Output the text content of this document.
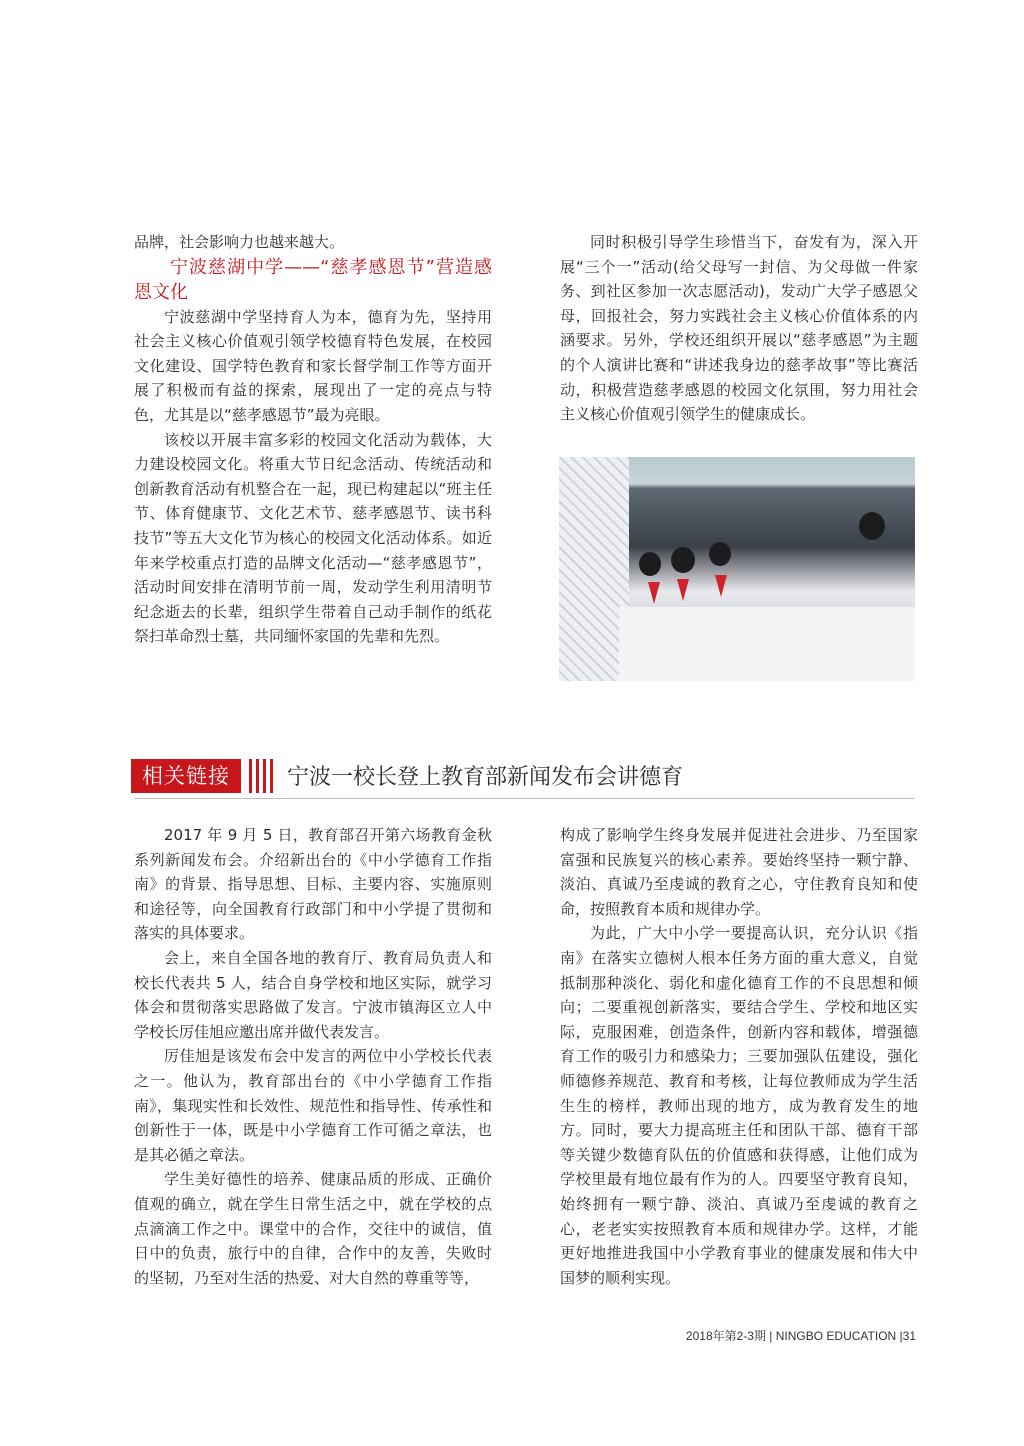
品牌，社会影响力也越来越大。

宁波慈湖中学——“慈孝感恩节”营造感恩文化

宁波慈湖中学坚持育人为本，德育为先，坚持用社会主义核心价值观引领学校德育特色发展，在校园文化建设、国学特色教育和家长督学制工作等方面开展了积极而有益的探索，展现出了一定的亮点与特色，尤其是以“慈孝感恩节”最为亮眼。

该校以开展丰富多彩的校园文化活动为载体，大力建设校园文化。将重大节日纪念活动、传统活动和创新教育活动有机整合在一起，现已构建起以“班主任节、体育健康节、文化艺术节、慈孝感恩节、读书科技节”等五大文化节为核心的校园文化活动体系。如近年来学校重点打造的品牌文化活动—“慈孝感恩节”，活动时间安排在清明节前一周，发动学生利用清明节纪念逝去的长辈，组织学生带着自己动手制作的纸花祭扫革命烈士墓，共同缅怀家国的先辈和先烈。

同时积极引导学生珍惜当下，奋发有为，深入开展“三个一”活动(给父母写一封信、为父母做一件家务、到社区参加一次志愿活动)，发动广大学子感恩父母，回报社会，努力实践社会主义核心价值体系的内涵要求。另外，学校还组织开展以“慈孝感恩”为主题的个人演讲比赛和“讲述我身边的慈孝故事”等比赛活动，积极营造慈孝感恩的校园文化氛围，努力用社会主义核心价值观引领学生的健康成长。

相关链接	宁波一校长登上教育部新闻发布会讲德育

2017 年 9 月 5 日，教育部召开第六场教育金秋系列新闻发布会。介绍新出台的《中小学德育工作指南》的背景、指导思想、目标、主要内容、实施原则和途径等，向全国教育行政部门和中小学提了贯彻和落实的具体要求。

会上，来自全国各地的教育厅、教育局负责人和校长代表共 5 人，结合自身学校和地区实际，就学习体会和贯彻落实思路做了发言。宁波市镇海区立人中学校长厉佳旭应邀出席并做代表发言。

厉佳旭是该发布会中发言的两位中小学校长代表之一。他认为，教育部出台的《中小学德育工作指南》，集现实性和长效性、规范性和指导性、传承性和创新性于一体，既是中小学德育工作可循之章法，也是其必循之章法。

学生美好德性的培养、健康品质的形成、正确价值观的确立，就在学生日常生活之中，就在学校的点点滴滴工作之中。课堂中的合作，交往中的诚信，值日中的负责，旅行中的自律，合作中的友善，失败时的坚韧，乃至对生活的热爱、对大自然的尊重等等，

构成了影响学生终身发展并促进社会进步、乃至国家富强和民族复兴的核心素养。要始终坚持一颗宁静、淡泊、真诚乃至虔诚的教育之心，守住教育良知和使命，按照教育本质和规律办学。

为此，广大中小学一要提高认识，充分认识《指南》在落实立德树人根本任务方面的重大意义，自觉抵制那种淡化、弱化和虚化德育工作的不良思想和倾向；二要重视创新落实，要结合学生、学校和地区实际，克服困难，创造条件，创新内容和载体，增强德育工作的吸引力和感染力；三要加强队伍建设，强化师德修养规范、教育和考核，让每位教师成为学生活生生的榜样，教师出现的地方，成为教育发生的地方。同时，要大力提高班主任和团队干部、德育干部等关键少数德育队伍的价值感和获得感，让他们成为学校里最有地位最有作为的人。四要坚守教育良知，始终拥有一颗宁静、淡泊、真诚乃至虔诚的教育之心，老老实实按照教育本质和规律办学。这样，才能更好地推进我国中小学教育事业的健康发展和伟大中国梦的顺利实现。

2018年第2-3期 | NINGBO EDUCATION |31
